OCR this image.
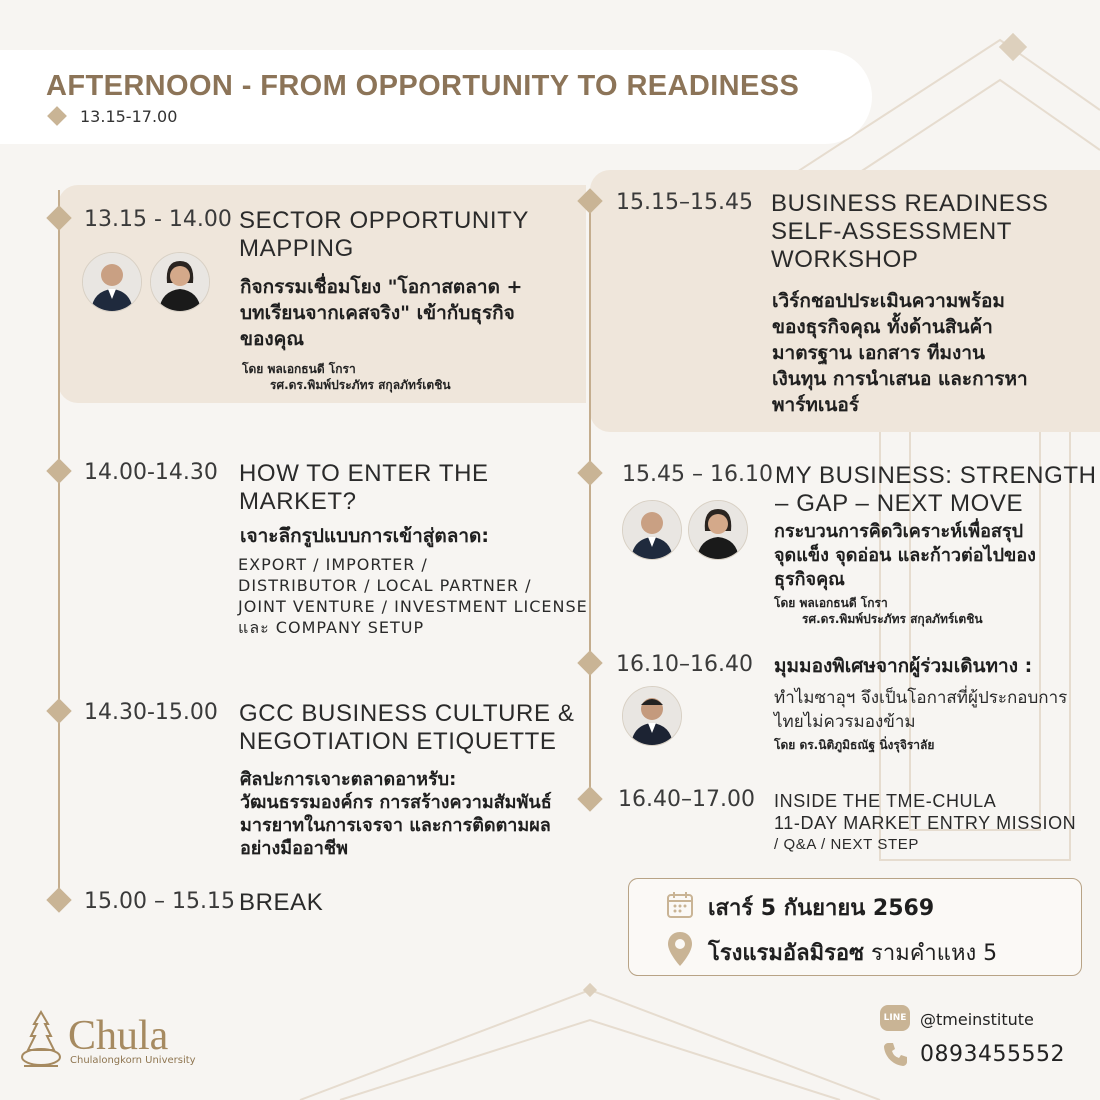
AFTERNOON - FROM OPPORTUNITY TO READINESS
13.15-17.00
13.15 - 14.00 SECTOR OPPORTUNITY
MAPPING
กิจกรรมเชื่อมโยง "โอกาสตลาด +
บทเรียนจากเคสจริง" เข้ากับธุรกิจ
ของคุณ
โดย พลเอกธนดี โกรา
รศ.ดร.พิมพ์ประภัทร สกุลภัทร์เตชิน
14.00-14.30 HOW TO ENTER THE
MARKET?
เจาะลึกรูปแบบการเข้าสู่ตลาด:
EXPORT / IMPORTER /
DISTRIBUTOR / LOCAL PARTNER /
JOINT VENTURE / INVESTMENT LICENSE
และ COMPANY SETUP
14.30-15.00 GCC BUSINESS CULTURE &
NEGOTIATION ETIQUETTE
ศิลปะการเจาะตลาดอาหรับ:
วัฒนธรรมองค์กร การสร้างความสัมพันธ์
มารยาทในการเจรจา และการติดตามผล
อย่างมืออาชีพ
15.00 – 15.15 BREAK
15.15–15.45 BUSINESS READINESS
SELF-ASSESSMENT
WORKSHOP
เวิร์กชอปประเมินความพร้อม
ของธุรกิจคุณ ทั้งด้านสินค้า
มาตรฐาน เอกสาร ทีมงาน
เงินทุน การนำเสนอ และการหา
พาร์ทเนอร์
15.45 – 16.10 MY BUSINESS: STRENGTH
– GAP – NEXT MOVE
กระบวนการคิดวิเคราะห์เพื่อสรุป
จุดแข็ง จุดอ่อน และก้าวต่อไปของ
ธุรกิจคุณ
โดย พลเอกธนดี โกรา
รศ.ดร.พิมพ์ประภัทร สกุลภัทร์เตชิน
16.10–16.40 มุมมองพิเศษจากผู้ร่วมเดินทาง :
ทำไมซาอุฯ จึงเป็นโอกาสที่ผู้ประกอบการ
ไทยไม่ควรมองข้าม
โดย ดร.นิติภูมิธณัฐ นิ่งรุจิราลัย
16.40–17.00 INSIDE THE TME-CHULA
11-DAY MARKET ENTRY MISSION
/ Q&A / NEXT STEP
เสาร์ 5 กันยายน 2569
โรงแรมอัลมิรอซ รามคำแหง 5
LINE @tmeinstitute
0893455552
Chula
Chulalongkorn University
